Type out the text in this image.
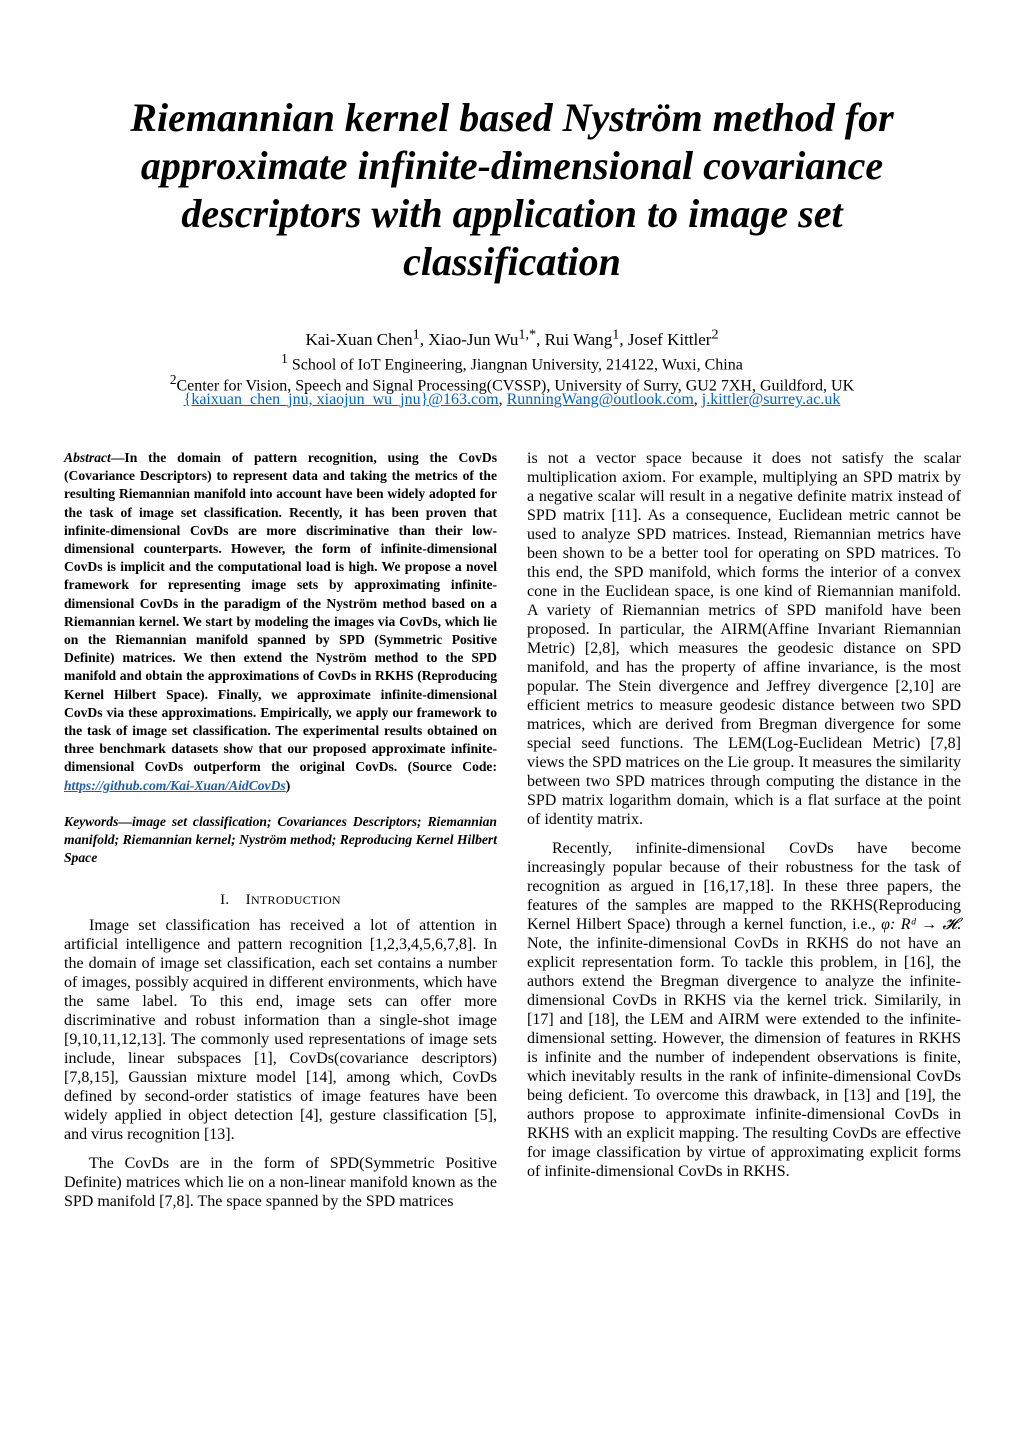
Riemannian kernel based Nyström method for approximate infinite-dimensional covariance descriptors with application to image set classification
Kai-Xuan Chen$^1$, Xiao-Jun $Wu^{1,*}$, Rui Wang$^1$, Josef Kittler$^2$
$^1$ School of IoT Engineering, Jiangnan University, 214122, Wuxi, China
$^2$Center for Vision, Speech and Signal Processing(CVSSP), University of Surry, GU2 7XH, Guildford, UK
{kaixuan_chen_jnu, xiaojun_wu_jnu}@163.com, RunningWang@outlook.com, j.kittler@surrey.ac.uk

Abstract—In the domain of pattern recognition, using the CovDs (Covariance Descriptors) to represent data and taking the metrics of the resulting Riemannian manifold into account have been widely adopted for the task of image set classification. Recently, it has been proven that infinite-dimensional CovDs are more discriminative than their low-dimensional counterparts. However, the form of infinite-dimensional CovDs is implicit and the computational load is high. We propose a novel framework for representing image sets by approximating infinite-dimensional CovDs in the paradigm of the Nyström method based on a Riemannian kernel. We start by modeling the images via CovDs, which lie on the Riemannian manifold spanned by SPD (Symmetric Positive Definite) matrices. We then extend the Nyström method to the SPD manifold and obtain the approximations of CovDs in RKHS (Reproducing Kernel Hilbert Space). Finally, we approximate infinite-dimensional CovDs via these approximations. Empirically, we apply our framework to the task of image set classification. The experimental results obtained on three benchmark datasets show that our proposed approximate infinite-dimensional CovDs outperform the original CovDs. (Source Code: https://github.com/Kai-Xuan/AidCovDs)

Keywords—image set classification; Covariances Descriptors; Riemannian manifold; Riemannian kernel; Nyström method; Reproducing Kernel Hilbert Space

I. INTRODUCTION

Image set classification has received a lot of attention in artificial intelligence and pattern recognition [1,2,3,4,5,6,7,8]. In the domain of image set classification, each set contains a number of images, possibly acquired in different environments, which have the same label. To this end, image sets can offer more discriminative and robust information than a single-shot image [9,10,11,12,13]. The commonly used representations of image sets include, linear subspaces [1], CovDs(covariance descriptors) [7,8,15], Gaussian mixture model [14], among which, CovDs defined by second-order statistics of image features have been widely applied in object detection [4], gesture classification [5], and virus recognition [13].

The CovDs are in the form of SPD(Symmetric Positive Definite) matrices which lie on a non-linear manifold known as the SPD manifold [7,8]. The space spanned by the SPD matrices

is not a vector space because it does not satisfy the scalar multiplication axiom. For example, multiplying an SPD matrix by a negative scalar will result in a negative definite matrix instead of SPD matrix [11]. As a consequence, Euclidean metric cannot be used to analyze SPD matrices. Instead, Riemannian metrics have been shown to be a better tool for operating on SPD matrices. To this end, the SPD manifold, which forms the interior of a convex cone in the Euclidean space, is one kind of Riemannian manifold. A variety of Riemannian metrics of SPD manifold have been proposed. In particular, the AIRM(Affine Invariant Riemannian Metric) [2,8], which measures the geodesic distance on SPD manifold, and has the property of affine invariance, is the most popular. The Stein divergence and Jeffrey divergence [2,10] are efficient metrics to measure geodesic distance between two SPD matrices, which are derived from Bregman divergence for some special seed functions. The LEM(Log-Euclidean Metric) [7,8] views the SPD matrices on the Lie group. It measures the similarity between two SPD matrices through computing the distance in the SPD matrix logarithm domain, which is a flat surface at the point of identity matrix.

Recently, infinite-dimensional CovDs have become increasingly popular because of their robustness for the task of recognition as argued in [16,17,18]. In these three papers, the features of the samples are mapped to the RKHS(Reproducing Kernel Hilbert Space) through a kernel function, i.e., φ: Rᵈ → 𝓗. Note, the infinite-dimensional CovDs in RKHS do not have an explicit representation form. To tackle this problem, in [16], the authors extend the Bregman divergence to analyze the infinite-dimensional CovDs in RKHS via the kernel trick. Similarily, in [17] and [18], the LEM and AIRM were extended to the infinite-dimensional setting. However, the dimension of features in RKHS is infinite and the number of independent observations is finite, which inevitably results in the rank of infinite-dimensional CovDs being deficient. To overcome this drawback, in [13] and [19], the authors propose to approximate infinite-dimensional CovDs in RKHS with an explicit mapping. The resulting CovDs are effective for image classification by virtue of approximating explicit forms of infinite-dimensional CovDs in RKHS.
